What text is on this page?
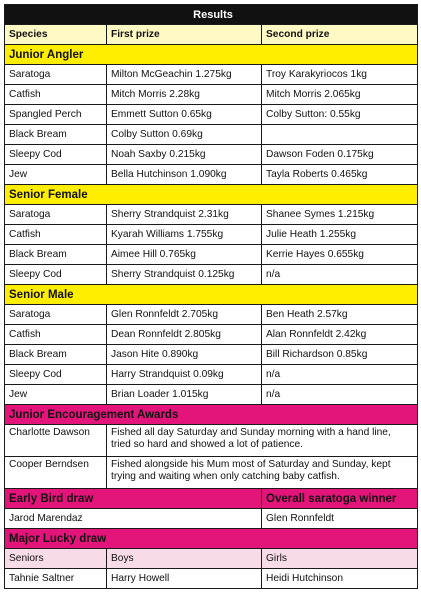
Results		
Species	First prize	Second prize
Junior Angler		
Saratoga	Milton McGeachin 1.275kg	Troy Karakyriocos 1kg
Catfish	Mitch Morris 2.28kg	Mitch Morris 2.065kg
Spangled Perch	Emmett Sutton 0.65kg	Colby Sutton: 0.55kg
Black Bream	Colby Sutton 0.69kg	
Sleepy Cod	Noah Saxby 0.215kg	Dawson Foden 0.175kg
Jew	Bella Hutchinson 1.090kg	Tayla Roberts 0.465kg
Senior Female		
Saratoga	Sherry Strandquist 2.31kg	Shanee Symes 1.215kg
Catfish	Kyarah Williams 1.755kg	Julie Heath 1.255kg
Black Bream	Aimee Hill 0.765kg	Kerrie Hayes 0.655kg
Sleepy Cod	Sherry Strandquist 0.125kg	n/a
Senior Male		
Saratoga	Glen Ronnfeldt 2.705kg	Ben Heath 2.57kg
Catfish	Dean Ronnfeldt 2.805kg	Alan Ronnfeldt 2.42kg
Black Bream	Jason Hite 0.890kg	Bill Richardson 0.85kg
Sleepy Cod	Harry Strandquist 0.09kg	n/a
Jew	Brian Loader 1.015kg	n/a
Junior Encouragement Awards		
Charlotte Dawson	Fished all day Saturday and Sunday morning with a hand line, tried so hard and showed a lot of patience.	
Cooper Berndsen	Fished alongside his Mum most of Saturday and Sunday, kept trying and waiting when only catching baby catfish.	
Early Bird draw		Overall saratoga winner
Jarod Marendaz		Glen Ronnfeldt
Major Lucky draw		
Seniors	Boys	Girls
Tahnie Saltner	Harry Howell	Heidi Hutchinson
